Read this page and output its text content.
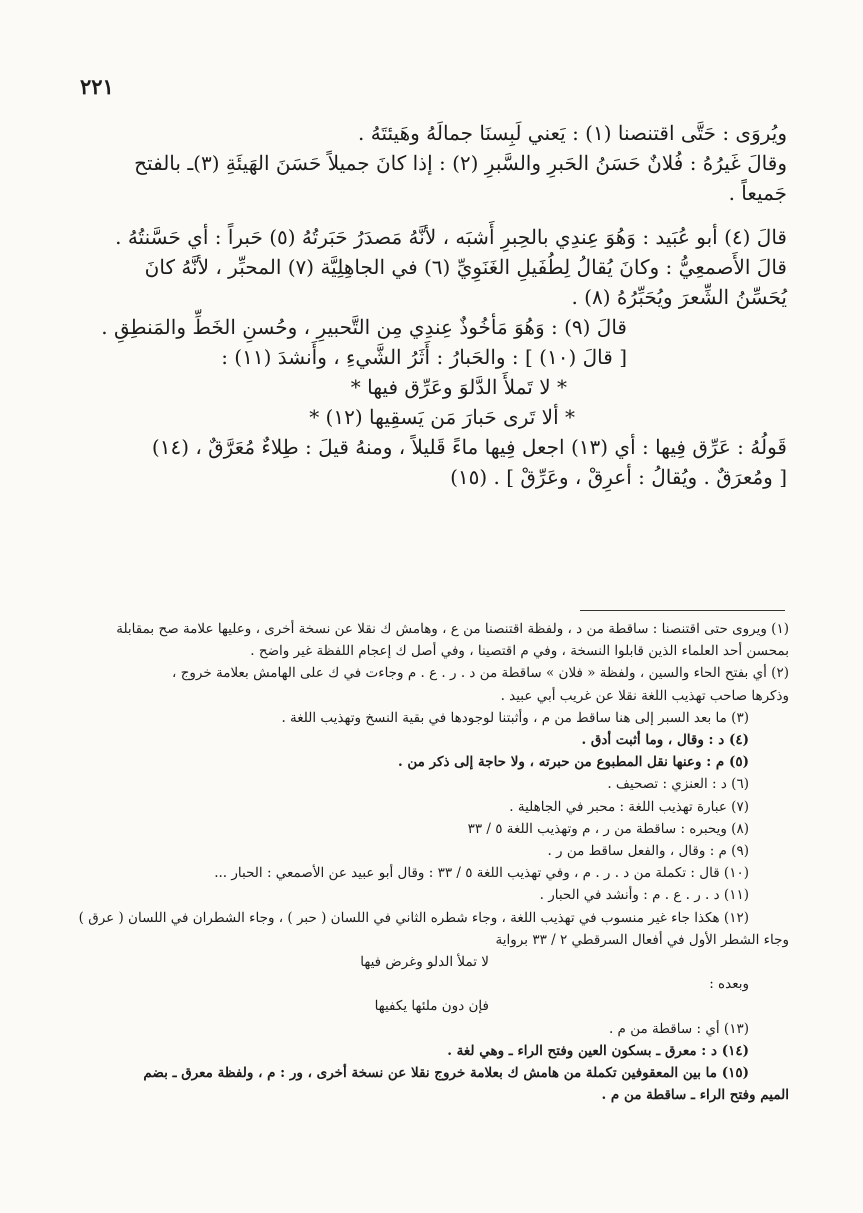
٢٢١

ويُروَى : حَتَّى اقتنصنا (١) : يَعني لَبِسنَا جمالَهُ وهَيئتَهُ .

وقالَ غَيرُهُ : فُلانٌ حَسَنُ الحَبرِ والسَّبرِ (٢) : إذا كانَ جميلاً حَسَنَ الهَيئَةِ (٣)ـ بالفتح

جَميعاً .

قالَ (٤) أبو عُبَيد : وَهُوَ عِندِي بالحِبرِ أَشبَه ، لأنَّهُ مَصدَرُ حَبَرتُهُ (٥) حَبراً : أي حَسَّنتُهُ .

قالَ الأَصمعِيُّ : وكانَ يُقالُ لِطُفَيلِ الغَنَوِيِّ (٦) في الجاهِلِيَّة (٧) المحبِّر ، لأنَّهُ كانَ

يُحَسِّنُ الشِّعرَ ويُحَبِّرُهُ (٨) .

قالَ (٩) : وَهُوَ مَأخُوذٌ عِندِي مِن التَّحبيرِ ، وحُسنِ الخَطِّ والمَنطِقِ .

[ قالَ (١٠) ] : والحَبارُ : أَثَرُ الشَّيءِ ، وأَنشدَ (١١) :

* لا تَملأَ الدَّلوَ وعَرِّق فيها *

* ألا تَرى حَبارَ مَن يَسقِيها (١٢) *

قَولُهُ : عَرِّق فِيها : أي (١٣) اجعل فِيها ماءً قَليلاً ، ومنهُ قيلَ : طِلاءٌ مُعَرَّقٌ ، (١٤)

[ ومُعرَقٌ . ويُقالُ : أعرِقْ ، وعَرِّقْ ] . (١٥)

(١) ويروى حتى اقتنصنا : ساقطة من د ، ولفظة اقتنصنا من ع ، وهامش ك نقلا عن نسخة أخرى ، وعليها علامة صح بمقابلة

بمحسن أحد العلماء الذين قابلوا النسخة ، وفي م اقتصينا ، وفي أصل ك إعجام اللفظة غير واضح .

(٢) أي بفتح الحاء والسين ، ولفظة « فلان » ساقطة من د . ر . ع . م وجاءت في ك على الهامش بعلامة خروج ،

وذكرها صاحب تهذيب اللغة نقلا عن غريب أبي عبيد .

(٣) ما بعد السبر إلى هنا ساقط من م ، وأثبتنا لوجودها في بقية النسخ وتهذيب اللغة .

(٤) د : وقال ، وما أثبت أدق .

(٥) م : وعنها نقل المطبوع من حبرته ، ولا حاجة إلى ذكر من .

(٦) د : العنزي : تصحيف .

(٧) عبارة تهذيب اللغة : محبر في الجاهلية .

(٨) ويحبره : ساقطة من ر ، م وتهذيب اللغة ٥ / ٣٣

(٩) م : وقال ، والفعل ساقط من ر .

(١٠) قال : تكملة من د . ر . م ، وفي تهذيب اللغة ٥ / ٣٣ : وقال أبو عبيد عن الأصمعي : الحبار ...

(١١) د . ر . ع . م : وأنشد في الحبار .

(١٢) هكذا جاء غير منسوب في تهذيب اللغة ، وجاء شطره الثاني في اللسان ( حبر ) ، وجاء الشطران في اللسان ( عرق )

وجاء الشطر الأول في أفعال السرقطي ٢ / ٣٣ برواية

لا تملأ الدلو وغرض فيها

وبعده :

فإن دون ملئها يكفيها

(١٣) أي : ساقطة من م .

(١٤) د : معرق ـ بسكون العين وفتح الراء ـ وهي لغة .

(١٥) ما بين المعقوفين تكملة من هامش ك بعلامة خروج نقلا عن نسخة أخرى ، ور : م ، ولفظة معرق ـ بضم

الميم وفتح الراء ـ ساقطة من م .
